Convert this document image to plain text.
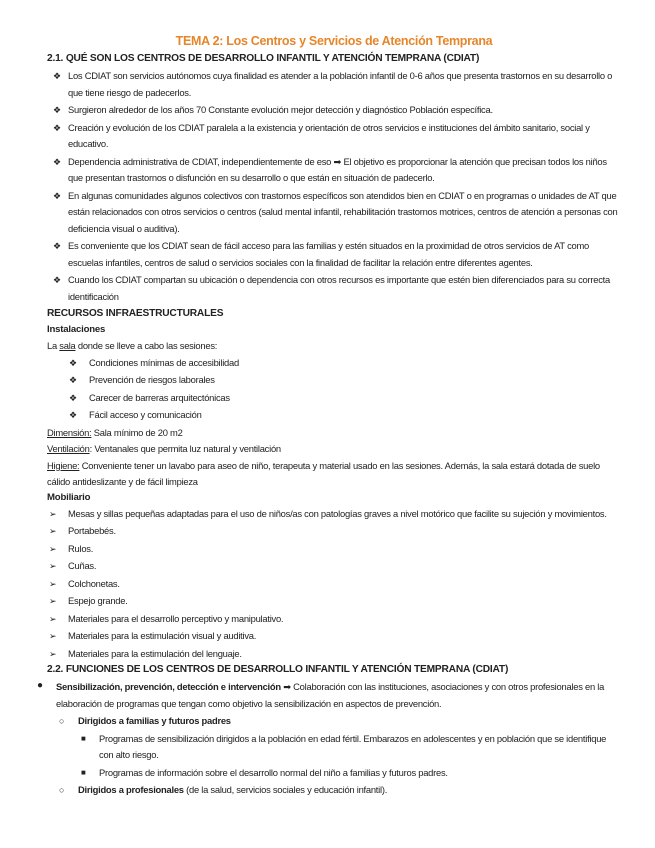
TEMA 2: Los Centros y Servicios de Atención Temprana
2.1. QUÉ SON LOS CENTROS DE DESARROLLO INFANTIL Y ATENCIÓN TEMPRANA (CDIAT)
❖ Los CDIAT son servicios autónomos cuya finalidad es atender a la población infantil de 0-6 años que presenta trastornos en su desarrollo o que tiene riesgo de padecerlos.
❖ Surgieron alrededor de los años 70 Constante evolución mejor detección y diagnóstico Población específica.
❖ Creación y evolución de los CDIAT paralela a la existencia y orientación de otros servicios e instituciones del ámbito sanitario, social y educativo.
❖ Dependencia administrativa de CDIAT, independientemente de eso ➡ El objetivo es proporcionar la atención que precisan todos los niños que presentan trastornos o disfunción en su desarrollo o que están en situación de padecerlo.
❖ En algunas comunidades algunos colectivos con trastornos específicos son atendidos bien en CDIAT o en programas o unidades de AT que están relacionados con otros servicios o centros (salud mental infantil, rehabilitación trastornos motrices, centros de atención a personas con deficiencia visual o auditiva).
❖ Es conveniente que los CDIAT sean de fácil acceso para las familias y estén situados en la proximidad de otros servicios de AT como escuelas infantiles, centros de salud o servicios sociales con la finalidad de facilitar la relación entre diferentes agentes.
❖ Cuando los CDIAT compartan su ubicación o dependencia con otros recursos es importante que estén bien diferenciados para su correcta identificación
RECURSOS INFRAESTRUCTURALES
Instalaciones
La sala donde se lleve a cabo las sesiones:
❖ Condiciones mínimas de accesibilidad
❖ Prevención de riesgos laborales
❖ Carecer de barreras arquitectónicas
❖ Fácil acceso y comunicación
Dimensión: Sala mínimo de 20 m2
Ventilación: Ventanales que permita luz natural y ventilación
Higiene: Conveniente tener un lavabo para aseo de niño, terapeuta y material usado en las sesiones. Además, la sala estará dotada de suelo cálido antideslizante y de fácil limpieza
Mobiliario
➢ Mesas y sillas pequeñas adaptadas para el uso de niños/as con patologías graves a nivel motórico que facilite su sujeción y movimientos.
➢ Portabebés.
➢ Rulos.
➢ Cuñas.
➢ Colchonetas.
➢ Espejo grande.
➢ Materiales para el desarrollo perceptivo y manipulativo.
➢ Materiales para la estimulación visual y auditiva.
➢ Materiales para la estimulación del lenguaje.
2.2. FUNCIONES DE LOS CENTROS DE DESARROLLO INFANTIL Y ATENCIÓN TEMPRANA (CDIAT)
● Sensibilización, prevención, detección e intervención ➡ Colaboración con las instituciones, asociaciones y con otros profesionales en la elaboración de programas que tengan como objetivo la sensibilización en aspectos de prevención.
○ Dirigidos a familias y futuros padres
■ Programas de sensibilización dirigidos a la población en edad fértil. Embarazos en adolescentes y en población que se identifique con alto riesgo.
■ Programas de información sobre el desarrollo normal del niño a familias y futuros padres.
○ Dirigidos a profesionales (de la salud, servicios sociales y educación infantil).
